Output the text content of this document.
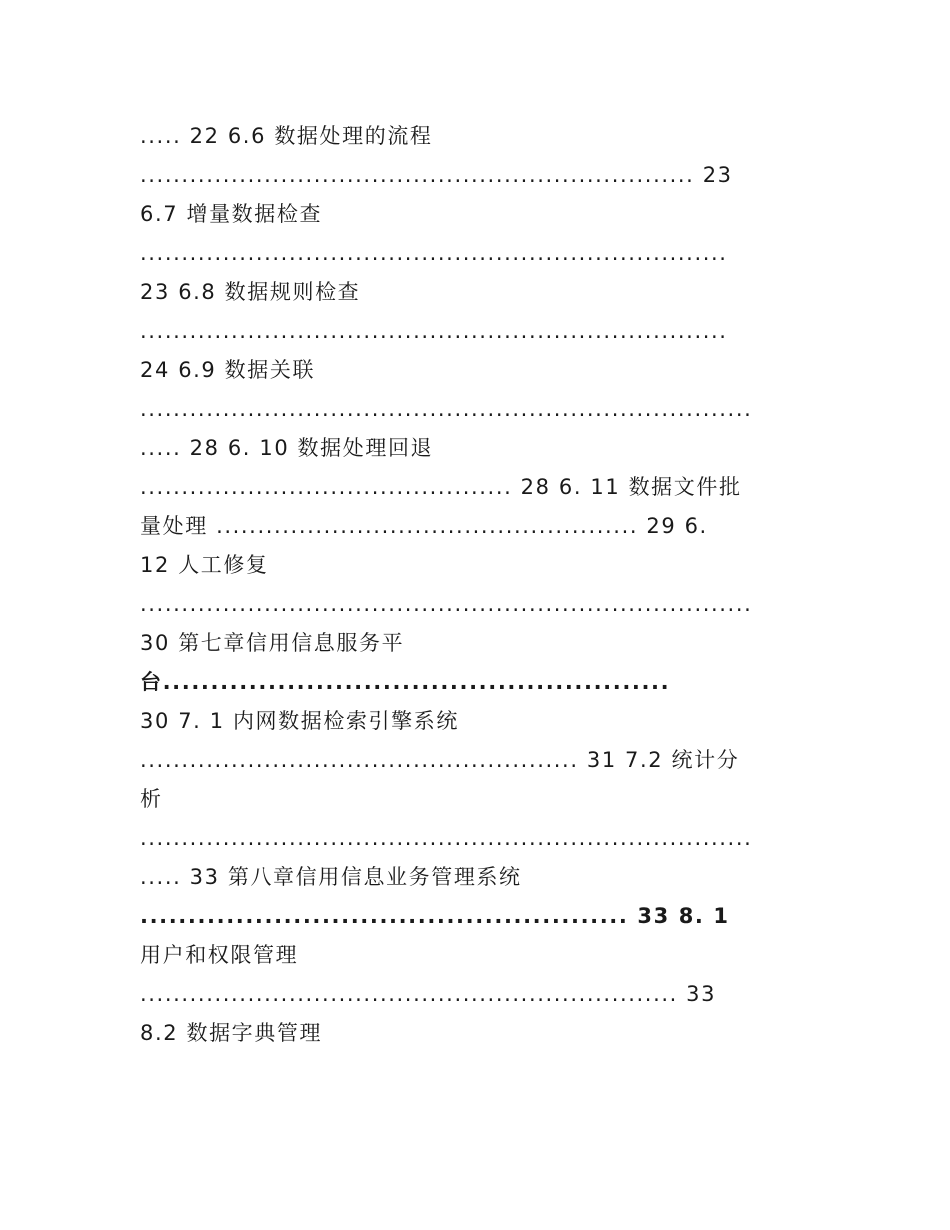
..... 22 6.6 数据处理的流程
................................................................... 23
6.7 增量数据检查
.......................................................................
23 6.8 数据规则检查
.......................................................................
24 6.9 数据关联
..........................................................................
..... 28 6. 10 数据处理回退
............................................. 28 6. 11 数据文件批
量处理 ................................................... 29 6.
12 人工修复
..........................................................................
30 第七章信用信息服务平
台.....................................................
30 7. 1 内网数据检索引擎系统
..................................................... 31 7.2 统计分
析
..........................................................................
..... 33 第八章信用信息业务管理系统
................................................... 33 8. 1
用户和权限管理
................................................................. 33
8.2 数据字典管理
